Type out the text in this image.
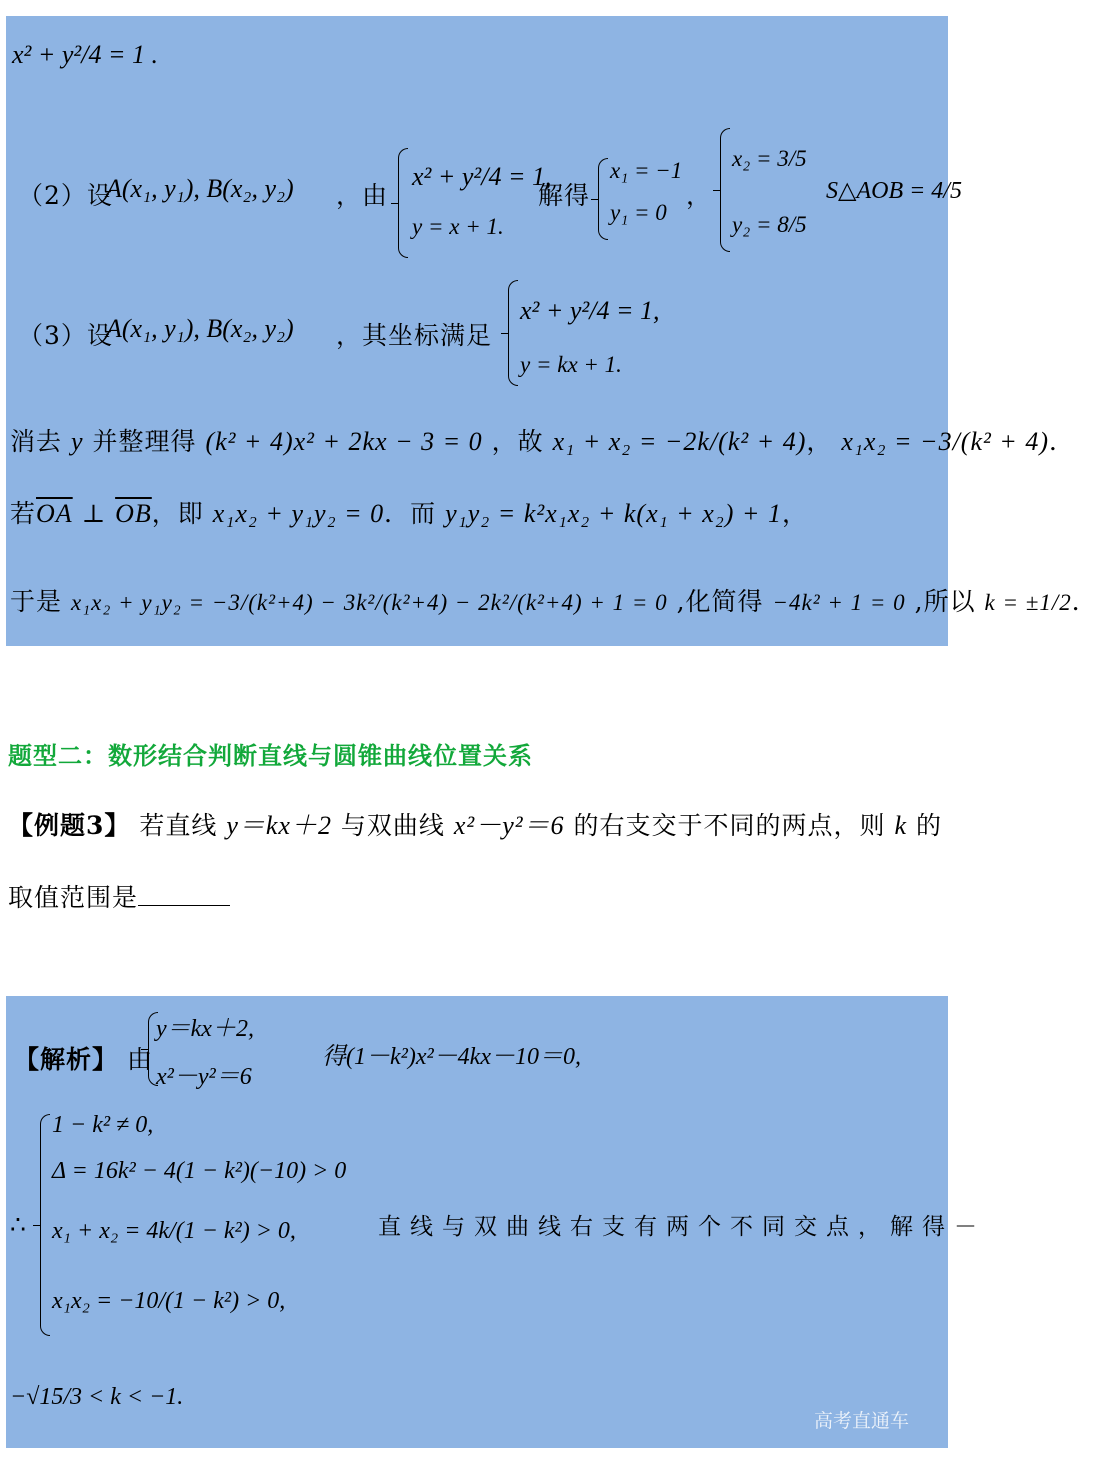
x² + y²/4 = 1 .
（2）设
A(x₁, y₁), B(x₂, y₂) ，由
x² + y²/4 = 1,
y = x + 1.
解得
x₁ = −1
y₁ = 0
，
x₂ = 3/5
y₂ = 8/5
S△AOB = 4/5
（3）设
A(x₁, y₁), B(x₂, y₂) ，其坐标满足
x² + y²/4 = 1,
y = kx + 1.
消去 y 并整理得 (k² + 4)x² + 2kx − 3 = 0 ，故 x₁ + x₂ = −2k/(k² + 4)， x₁x₂ = −3/(k² + 4)．
若$\overline{OA}$ ⊥ $\overline{OB}$，即 x₁x₂ + y₁y₂ = 0．而 y₁y₂ = k²x₁x₂ + k(x₁ + x₂) + 1，
于是 x₁x₂ + y₁y₂ = −3/(k²+4) − 3k²/(k²+4) − 2k²/(k²+4) + 1 = 0 ,化简得 −4k² + 1 = 0 ,所以 k = ±1/2．
题型二：数形结合判断直线与圆锥曲线位置关系
【例题3】 若直线 y＝kx＋2 与双曲线 x²－y²＝6 的右支交于不同的两点，则 k 的
取值范围是
【解析】 由
y＝kx＋2,
x²－y²＝6
得(1－k²)x²－4kx－10＝0,
∴
1 − k² ≠ 0,
Δ = 16k² − 4(1 − k²)(−10) > 0
x₁ + x₂ = 4k/(1 − k²) > 0,
x₁x₂ = −10/(1 − k²) > 0,
直线与双曲线右支有两个不同交点，解得－
−√15/3 < k < −1.
高考直通车
